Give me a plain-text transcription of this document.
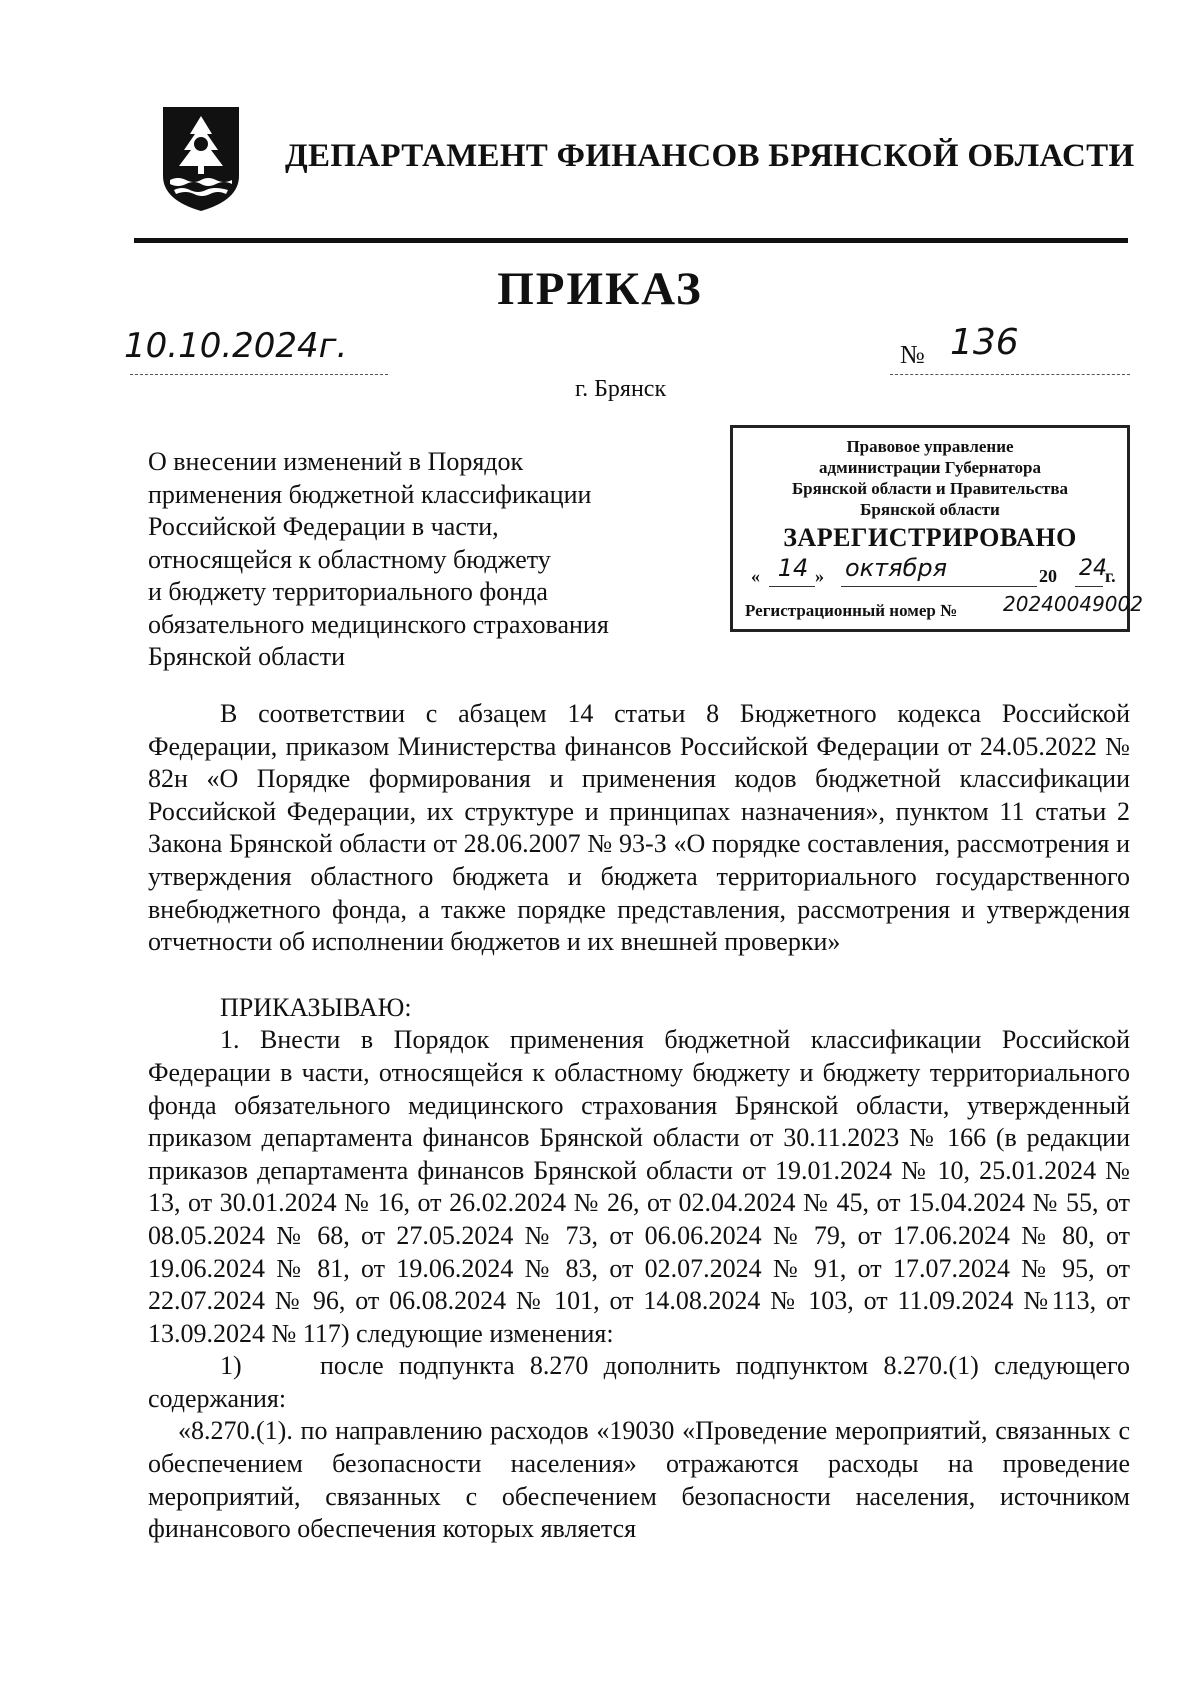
ДЕПАРТАМЕНТ ФИНАНСОВ БРЯНСКОЙ ОБЛАСТИ
ПРИКАЗ
10.10.2024г.	№ 136
г. Брянск
О внесении изменений в Порядок
применения бюджетной классификации
Российской Федерации в части,
относящейся к областному бюджету
и бюджету территориального фонда
обязательного медицинского страхования
Брянской области
Правовое управление
администрации Губернатора
Брянской области и Правительства
Брянской области
ЗАРЕГИСТРИРОВАНО
« 14 » октября	20 24
г.
Регистрационный номер № 20240049002

В соответствии с абзацем 14 статьи 8 Бюджетного кодекса Российской Федерации, приказом Министерства финансов Российской Федерации от 24.05.2022 № 82н «О Порядке формирования и применения кодов бюджетной классификации Российской Федерации, их структуре и принципах назначения», пунктом 11 статьи 2 Закона Брянской области от 28.06.2007 № 93-З «О порядке составления, рассмотрения и утверждения областного бюджета и бюджета территориального государственного внебюджетного фонда, а также порядке представления, рассмотрения и утверждения отчетности об исполнении бюджетов и их внешней проверки»

ПРИКАЗЫВАЮ:

1. Внести в Порядок применения бюджетной классификации Российской Федерации в части, относящейся к областному бюджету и бюджету территориального фонда обязательного медицинского страхования Брянской области, утвержденный приказом департамента финансов Брянской области от 30.11.2023 № 166 (в редакции приказов департамента финансов Брянской области от 19.01.2024 № 10, 25.01.2024 № 13, от 30.01.2024 № 16, от 26.02.2024 № 26, от 02.04.2024 № 45, от 15.04.2024 № 55, от 08.05.2024 № 68, от 27.05.2024 № 73, от 06.06.2024 № 79, от 17.06.2024 № 80, от 19.06.2024 № 81, от 19.06.2024 № 83, от 02.07.2024 № 91, от 17.07.2024 № 95, от 22.07.2024 № 96, от 06.08.2024 № 101, от 14.08.2024 № 103, от 11.09.2024 №113, от 13.09.2024 № 117) следующие изменения:

1)	после подпункта 8.270 дополнить подпунктом 8.270.(1) следующего содержания:

«8.270.(1). по направлению расходов «19030 «Проведение мероприятий, связанных с обеспечением безопасности населения» отражаются расходы на проведение мероприятий, связанных с обеспечением безопасности населения, источником финансового обеспечения которых является
